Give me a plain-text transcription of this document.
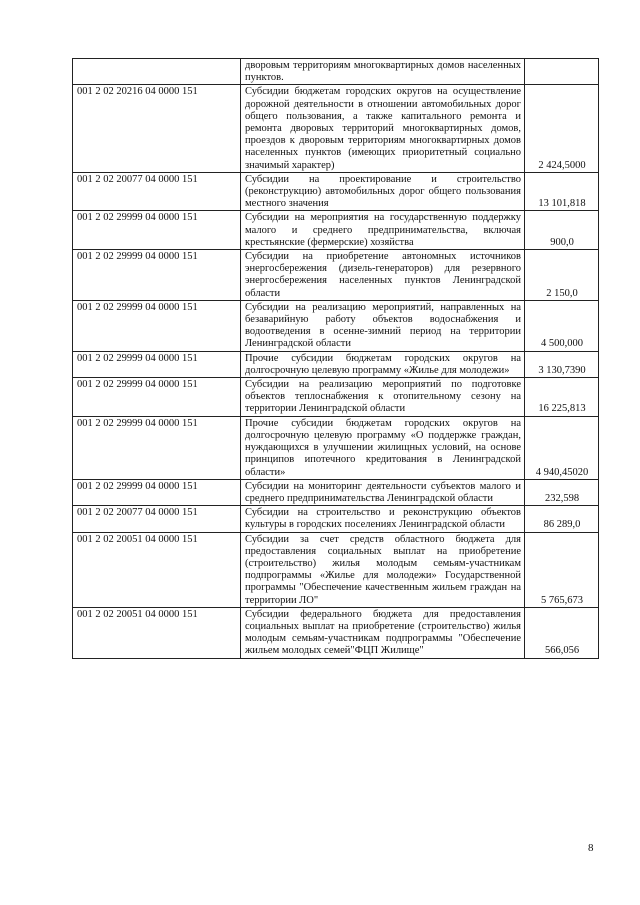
	дворовым территориям многоквартирных домов населенных пунктов.	
001 2 02 20216 04 0000 151	Субсидии бюджетам городских округов на осуществление дорожной деятельности в отношении автомобильных дорог общего пользования, а также капитального ремонта и ремонта дворовых территорий многоквартирных домов, проездов к дворовым территориям многоквартирных домов населенных пунктов (имеющих приоритетный социально значимый характер)	2 424,5000
001 2 02 20077 04 0000 151	Субсидии на проектирование и строительство (реконструкцию) автомобильных дорог общего пользования местного значения	13 101,818
001 2 02 29999 04 0000 151	Субсидии на мероприятия на государственную поддержку малого и среднего предпринимательства, включая крестьянские (фермерские) хозяйства	900,0
001 2 02 29999 04 0000 151	Субсидии на приобретение автономных источников энергосбережения (дизель-генераторов) для резервного энергосбережения населенных пунктов Ленинградской области	2 150,0
001 2 02 29999 04 0000 151	Субсидии на реализацию мероприятий, направленных на безаварийную работу объектов водоснабжения и водоотведения в осенне-зимний период на территории Ленинградской области	4 500,000
001 2 02 29999 04 0000 151	Прочие субсидии бюджетам городских округов на долгосрочную целевую программу «Жилье для молодежи»	3 130,7390
001 2 02 29999 04 0000 151	Субсидии на реализацию мероприятий по подготовке объектов теплоснабжения к отопительному сезону на территории Ленинградской области	16 225,813
001 2 02 29999 04 0000 151	Прочие субсидии бюджетам городских округов на долгосрочную целевую программу «О поддержке граждан, нуждающихся в улучшении жилищных условий, на основе принципов ипотечного кредитования в Ленинградской области»	4 940,45020
001 2 02 29999 04 0000 151	Субсидии на мониторинг деятельности субъектов малого и среднего предпринимательства Ленинградской области	232,598
001 2 02 20077 04 0000 151	Субсидии на строительство и реконструкцию объектов культуры в городских поселениях Ленинградской области	86 289,0
001 2 02 20051 04 0000 151	Субсидии за счет средств областного бюджета для предоставления социальных выплат на приобретение (строительство) жилья молодым семьям-участникам подпрограммы «Жилье для молодежи» Государственной программы "Обеспечение качественным жильем граждан на территории ЛО"	5 765,673
001 2 02 20051 04 0000 151	Субсидии федерального бюджета для предоставления социальных выплат на приобретение (строительство) жилья молодым семьям-участникам подпрограммы "Обеспечение жильем молодых семей"ФЦП Жилище"	566,056
8
